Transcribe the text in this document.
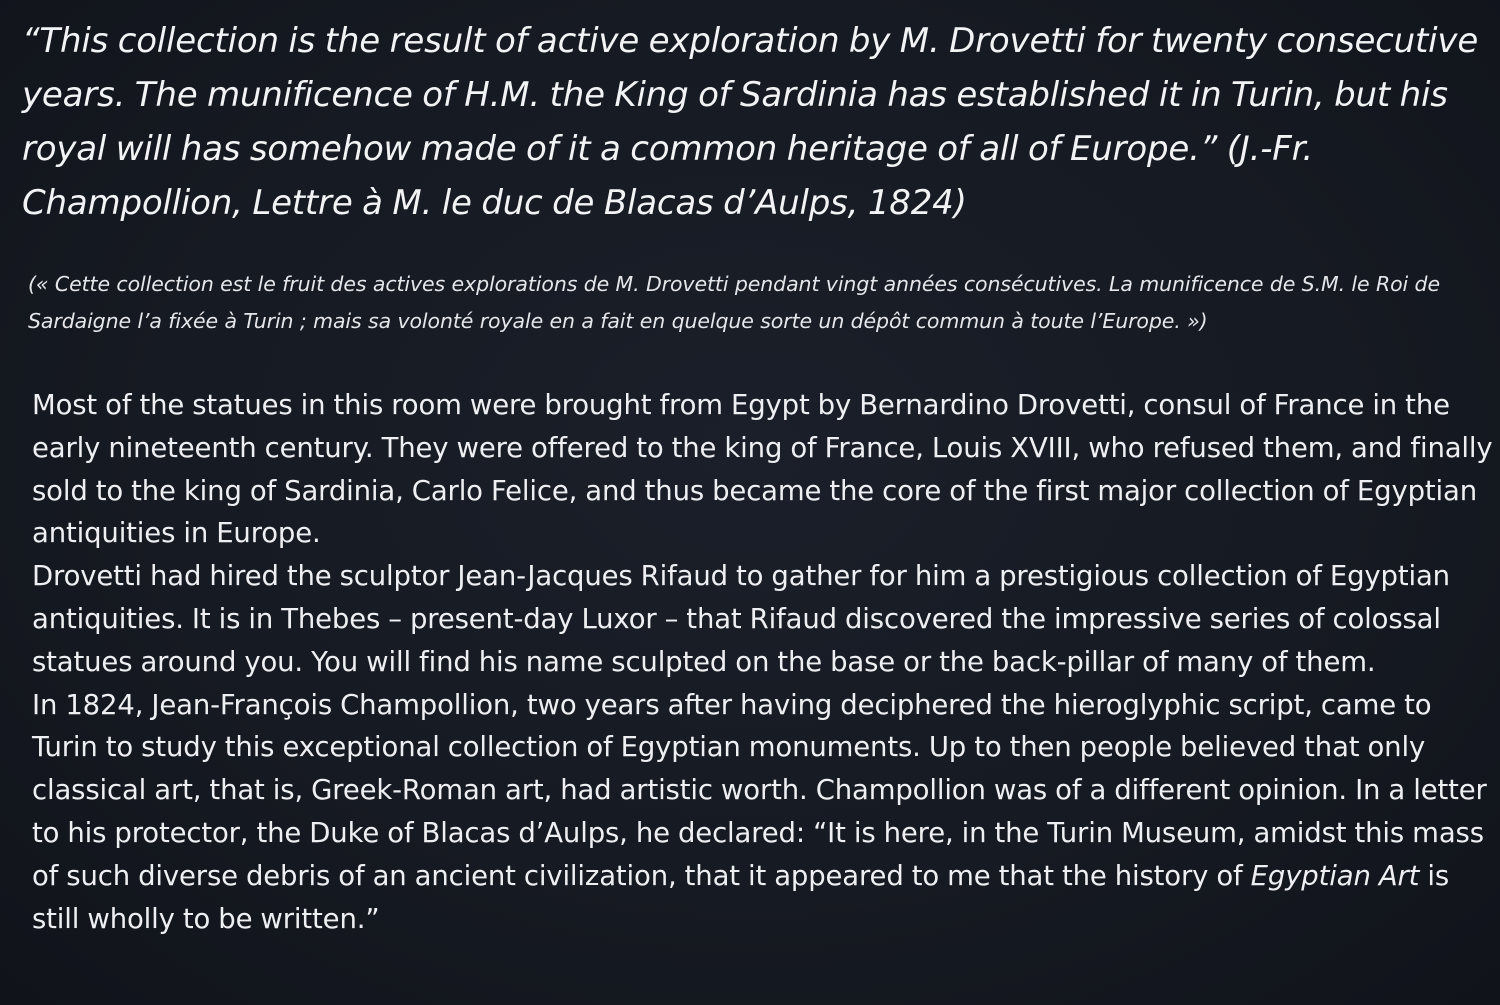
“This collection is the result of active exploration by M. Drovetti for twenty consecutive years. The munificence of H.M. the King of Sardinia has established it in Turin, but his royal will has somehow made of it a common heritage of all of Europe.” (J.-Fr. Champollion, Lettre à M. le duc de Blacas d’Aulps, 1824)

(« Cette collection est le fruit des actives explorations de M. Drovetti pendant vingt années consécutives. La munificence de S.M. le Roi de Sardaigne l’a fixée à Turin ; mais sa volonté royale en a fait en quelque sorte un dépôt commun à toute l’Europe. »)

Most of the statues in this room were brought from Egypt by Bernardino Drovetti, consul of France in the early nineteenth century. They were offered to the king of France, Louis XVIII, who refused them, and finally sold to the king of Sardinia, Carlo Felice, and thus became the core of the first major collection of Egyptian antiquities in Europe.
Drovetti had hired the sculptor Jean-Jacques Rifaud to gather for him a prestigious collection of Egyptian antiquities. It is in Thebes – present-day Luxor – that Rifaud discovered the impressive series of colossal statues around you. You will find his name sculpted on the base or the back-pillar of many of them.
In 1824, Jean-François Champollion, two years after having deciphered the hieroglyphic script, came to Turin to study this exceptional collection of Egyptian monuments. Up to then people believed that only classical art, that is, Greek-Roman art, had artistic worth. Champollion was of a different opinion. In a letter to his protector, the Duke of Blacas d’Aulps, he declared: “It is here, in the Turin Museum, amidst this mass of such diverse debris of an ancient civilization, that it appeared to me that the history of Egyptian Art is still wholly to be written.”
